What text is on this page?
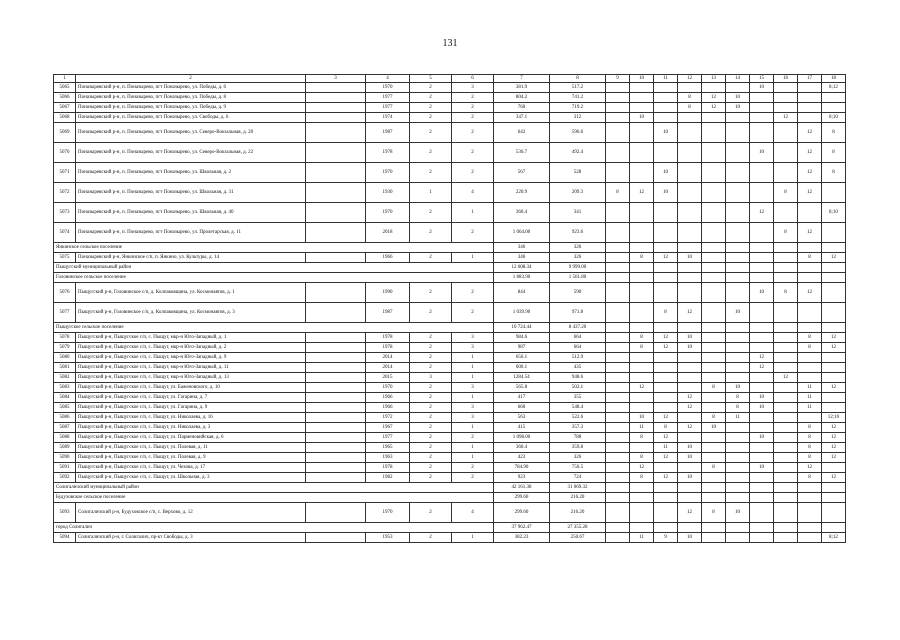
131
1	2	3	4	5	6	7	8	9	10	11	12	13	14	15	16	17	18
5065	Поназыревский р-н, п. Поназырево, пгт Поназырево, ул. Победы, д. 6		1970	2	3	381.9	517.2							10			8;12
5066	Поназыревский р-н, п. Поназырево, пгт Поназырево, ул. Победы, д. 8		1977	2	2	804.2	741.2				8	12	10				
5067	Поназыревский р-н, п. Поназырево, пгт Поназырево, ул. Победы, д. 9		1977	2	2	760	719.2				8	12	10				
5068	Поназыревский р-н, п. Поназырево, пгт Поназырево, ул. Свободы, д. 6		1974	2	2	347.1	312		10						12		8;10
5069	Поназыревский р-н, п. Поназырево, пгт Поназырево, ул. Северо-Вокзальная, д. 20		1987	2	2	642	596.6			10						12	8
5070	Поназыревский р-н, п. Поназырево, пгт Поназырево, ул. Северо-Вокзальная, д. 22		1978	2	2	536.7	492.4							10		12	8
5071	Поназыревский р-н, п. Поназырево, пгт Поназырево, ул. Школьная, д. 2		1970	2	2	567	528			10						12	8
5072	Поназыревский р-н, п. Поназырево, пгт Поназырево, ул. Школьная, д. 31		1930	1	4	220.9	209.3	8	12	10					8	12	
5073	Поназыревский р-н, п. Поназырево, пгт Поназырево, ул. Школьная, д. 40		1970	2	1	360.4	341							12			8;10
5074	Поназыревский р-н, п. Поназырево, пгт Поназырево, ул. Пролетарская, д. 11		2018	2	2	1 064.00	923.6								8	12	
Янкинское сельское поселение						346	326										
5075	Поназыревский р-н, Янкинское с/п, п. Янкино, ул. Культуры, д. 14		1966	2	1	346	326		8	12	10					8	12
Пыщугский муниципальный район						12 608.34	9 999.00										
Головинское сельское поселение						1 883.90	1 561.80										
5076	Пыщугский р-н, Головинское с/п, д. Колпаковщина, ул. Космонавтов, д. 1		1990	2	2	844	590							10	8	12	
5077	Пыщугский р-н, Головинское с/п, д. Колпаковщина, ул. Космонавтов, д. 3		1987	2	2	1 039.90	971.8			8	12		10				
Пыщугское сельское поселение						10 724.44	8 437.20										
5078	Пыщугский р-н, Пыщугское с/п, с. Пыщуг, мкр-н Юго-Западный, д. 1		1978	2	3	984.6	664		8	12	10					8	12
5079	Пыщугский р-н, Пыщугское с/п, с. Пыщуг, мкр-н Юго-Западный, д. 2		1978	2	3	987	664		8	12	10					8	12
5080	Пыщугский р-н, Пыщугское с/п, с. Пыщуг, мкр-н Юго-Западный, д. 9		2014	2	1	656.1	512.9							12			
5081	Пыщугский р-н, Пыщугское с/п, с. Пыщуг, мкр-н Юго-Западный, д. 11		2014	2	1	600.1	435							12			
5082	Пыщугский р-н, Пыщугское с/п, с. Пыщуг, мкр-н Юго-Западный, д. 13		2015	3	1	1284.54	948.6								12		
5083	Пыщугский р-н, Пыщугское с/п, с. Пыщуг, ул. Баженовского, д. 10		1970	2	3	565.8	502.1		12			8	10			11	12
5084	Пыщугский р-н, Пыщугское с/п, с. Пыщуг, ул. Гагарина, д. 7		1966	2	1	417	355				12		8	10		11	
5085	Пыщугский р-н, Пыщугское с/п, с. Пыщуг, ул. Гагарина, д. 9		1966	2	3	660	548.4				12		8	10		11	
5086	Пыщугский р-н, Пыщугское с/п, с. Пыщуг, ул. Николаева, д. 16		1972	2	3	563	522.6		10	12		8	11				12;10
5087	Пыщугский р-н, Пыщугское с/п, с. Пыщуг, ул. Николаева, д. 3		1967	2	1	415	357.3		11	8	12	10				8	12
5088	Пыщугский р-н, Пыщугское с/п, с. Пыщуг, ул. Парменовийская, д. 6		1977	2	2	1 098.00	788		8	12				10		8	12
5089	Пыщугский р-н, Пыщугское с/п, с. Пыщуг, ул. Полевая, д. 11		1965	2	1	360.4	359.8			11	10					8	12
5090	Пыщугский р-н, Пыщугское с/п, с. Пыщуг, ул. Полевая, д. 9		1963	2	1	423	326		8	12	10					8	12
5091	Пыщугский р-н, Пыщугское с/п, с. Пыщуг, ул. Чехова, д. 17		1978	2	2	784.90	750.5		12			8		10		12	
5092	Пыщугский р-н, Пыщугское с/п, с. Пыщуг, ул. Школьная, д. 3		1982	2	2	923	724		8	12	10					8	12
Солигаличский муниципальный район						42 161.38	31 069.32										
Будуховское сельское поселение						299.60	216.20										
5093	Солигаличский р-н, Будуховское с/п, с. Верхово, д. 12		1970	2	4	299.60	216.20				12	8	10				
город Солигалич						37 962.47	27 355.28										
5094	Солигаличский р-н, г. Солигалич, пр-кт Свободы, д. 3		1953	2	1	382.23	250.67		11	9	10						8;12
